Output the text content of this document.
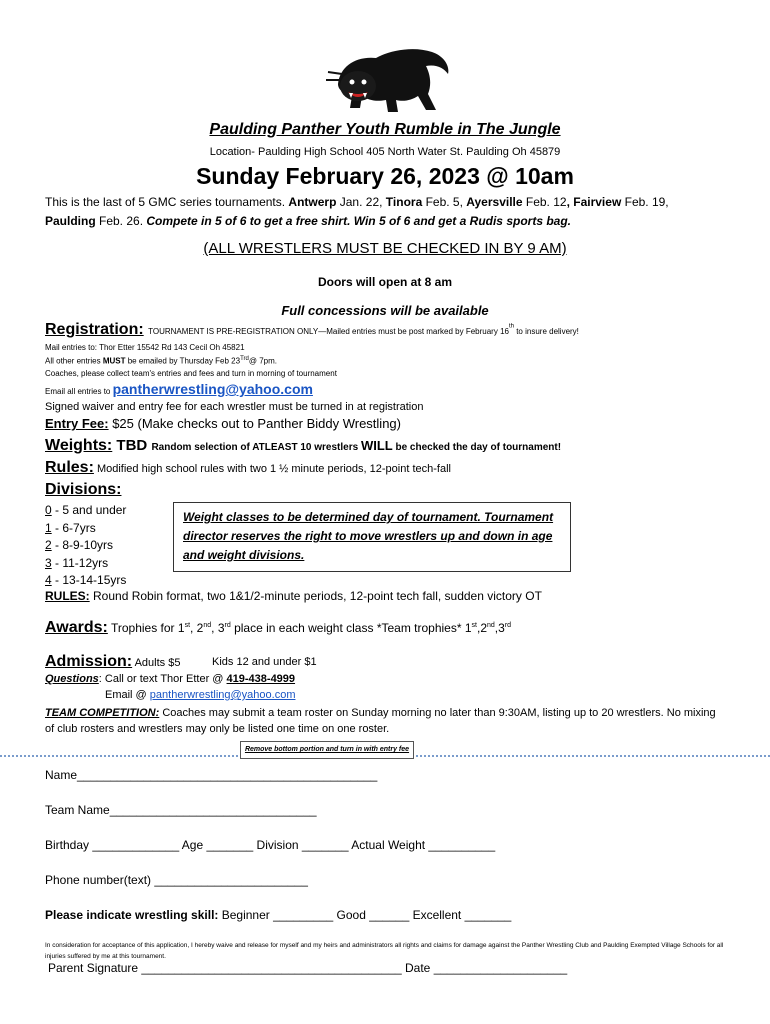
Paulding Panther Youth Rumble in The Jungle
Location- Paulding High School 405 North Water St. Paulding Oh 45879
Sunday February 26, 2023 @ 10am
This is the last of 5 GMC series tournaments. Antwerp Jan. 22, Tinora Feb. 5, Ayersville Feb. 12, Fairview Feb. 19,
Paulding Feb. 26. Compete in 5 of 6 to get a free shirt. Win 5 of 6 and get a Rudis sports bag.
(ALL WRESTLERS MUST BE CHECKED IN BY 9 AM)
Doors will open at 8 am
Full concessions will be available
Registration: TOURNAMENT IS PRE-REGISTRATION ONLY—Mailed entries must be post marked by February 16th to insure delivery!
Mail entries to: Thor Etter 15542 Rd 143 Cecil Oh 45821
All other entries MUST be emailed by Thursday Feb $23^{Trd}@$ 7pm.
Coaches, please collect team's entries and fees and turn in morning of tournament
Email all entries to pantherwrestling@yahoo.com
Signed waiver and entry fee for each wrestler must be turned in at registration
Entry Fee: $25 (Make checks out to Panther Biddy Wrestling)
Weights: TBD Random selection of ATLEAST 10 wrestlers WILL be checked the day of tournament!
Rules: Modified high school rules with two 1 ½ minute periods, 12-point tech-fall
Divisions:
0 - 5 and under
1 - 6-7yrs
2 - 8-9-10yrs
3 - 11-12yrs
4 - 13-14-15yrs
Weight classes to be determined day of tournament. Tournament director reserves the right to move wrestlers up and down in age and weight divisions.
RULES: Round Robin format, two 1&1/2-minute periods, 12-point tech fall, sudden victory OT
Awards: Trophies for 1st, 2nd, 3rd place in each weight class *Team trophies* 1st,2nd,3rd
Admission: Adults $5	Kids 12 and under $1
Questions: Call or text Thor Etter @ 419-438-4999
Email @ pantherwrestling@yahoo.com
TEAM COMPETITION: Coaches may submit a team roster on Sunday morning no later than 9:30AM, listing up to 20 wrestlers. No mixing of club rosters and wrestlers may only be listed one time on one roster.
Remove bottom portion and turn in with entry fee
Name_____________________________________________
Team Name_______________________________
Birthday _____________ Age _______ Division _______ Actual Weight __________
Phone number(text) _______________________
Please indicate wrestling skill: Beginner _________ Good ______ Excellent _______
In consideration for acceptance of this application, I hereby waive and release for myself and my heirs and administrators all rights and claims for damage against the Panther Wrestling Club and Paulding Exempted Village Schools for all injuries suffered by me at this tournament.
Parent Signature _______________________________________ Date ____________________
